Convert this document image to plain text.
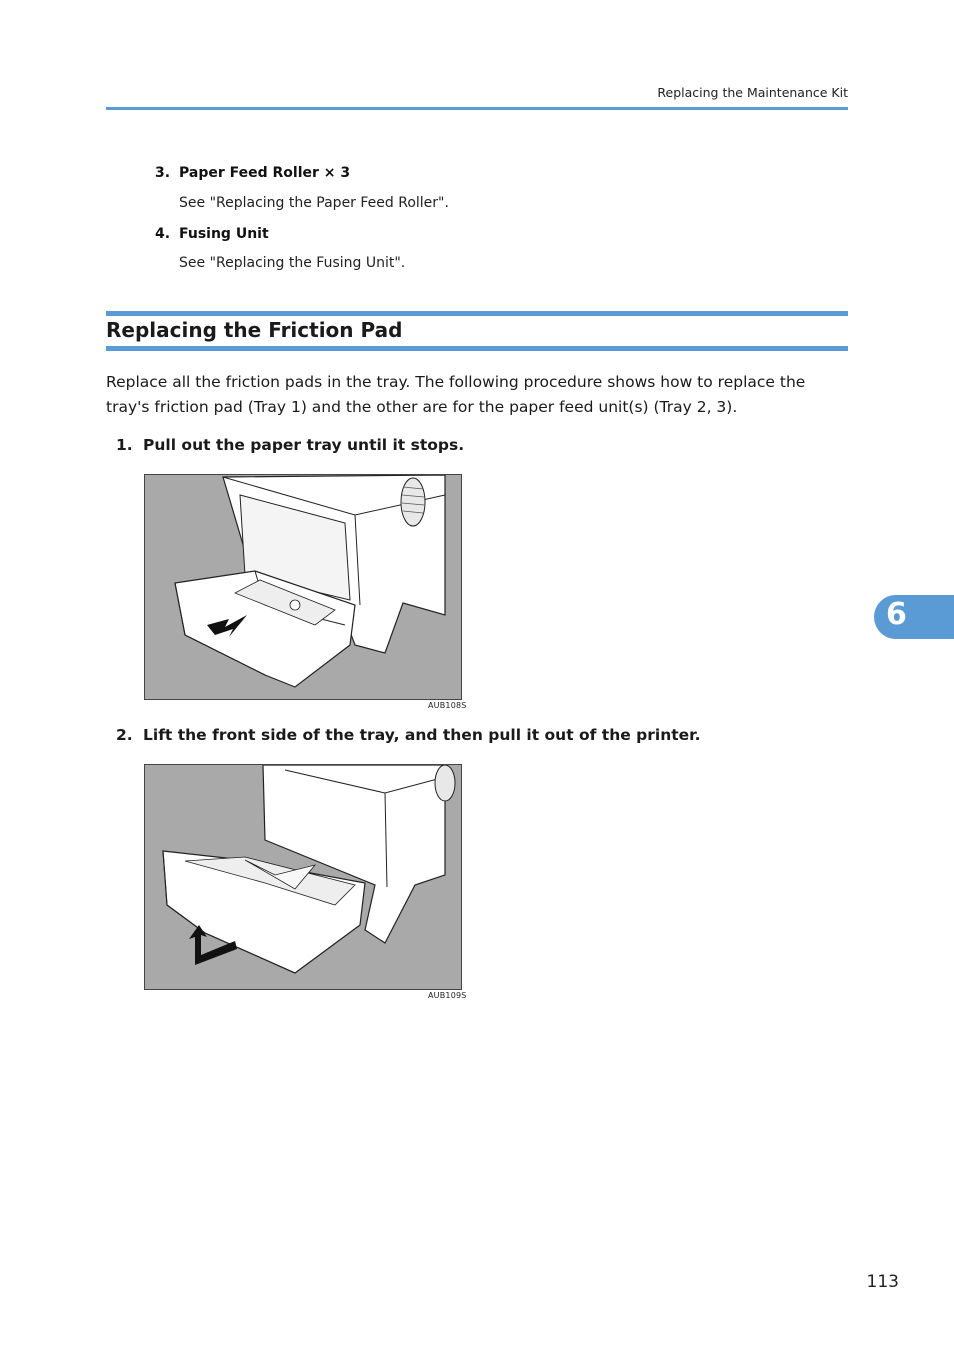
Replacing the Maintenance Kit
3. Paper Feed Roller × 3
See "Replacing the Paper Feed Roller".
4. Fusing Unit
See "Replacing the Fusing Unit".
Replacing the Friction Pad
Replace all the friction pads in the tray. The following procedure shows how to replace the tray's friction pad (Tray 1) and the other are for the paper feed unit(s) (Tray 2, 3).
1. Pull out the paper tray until it stops.
AUB108S
2. Lift the front side of the tray, and then pull it out of the printer.
AUB109S
6
113
